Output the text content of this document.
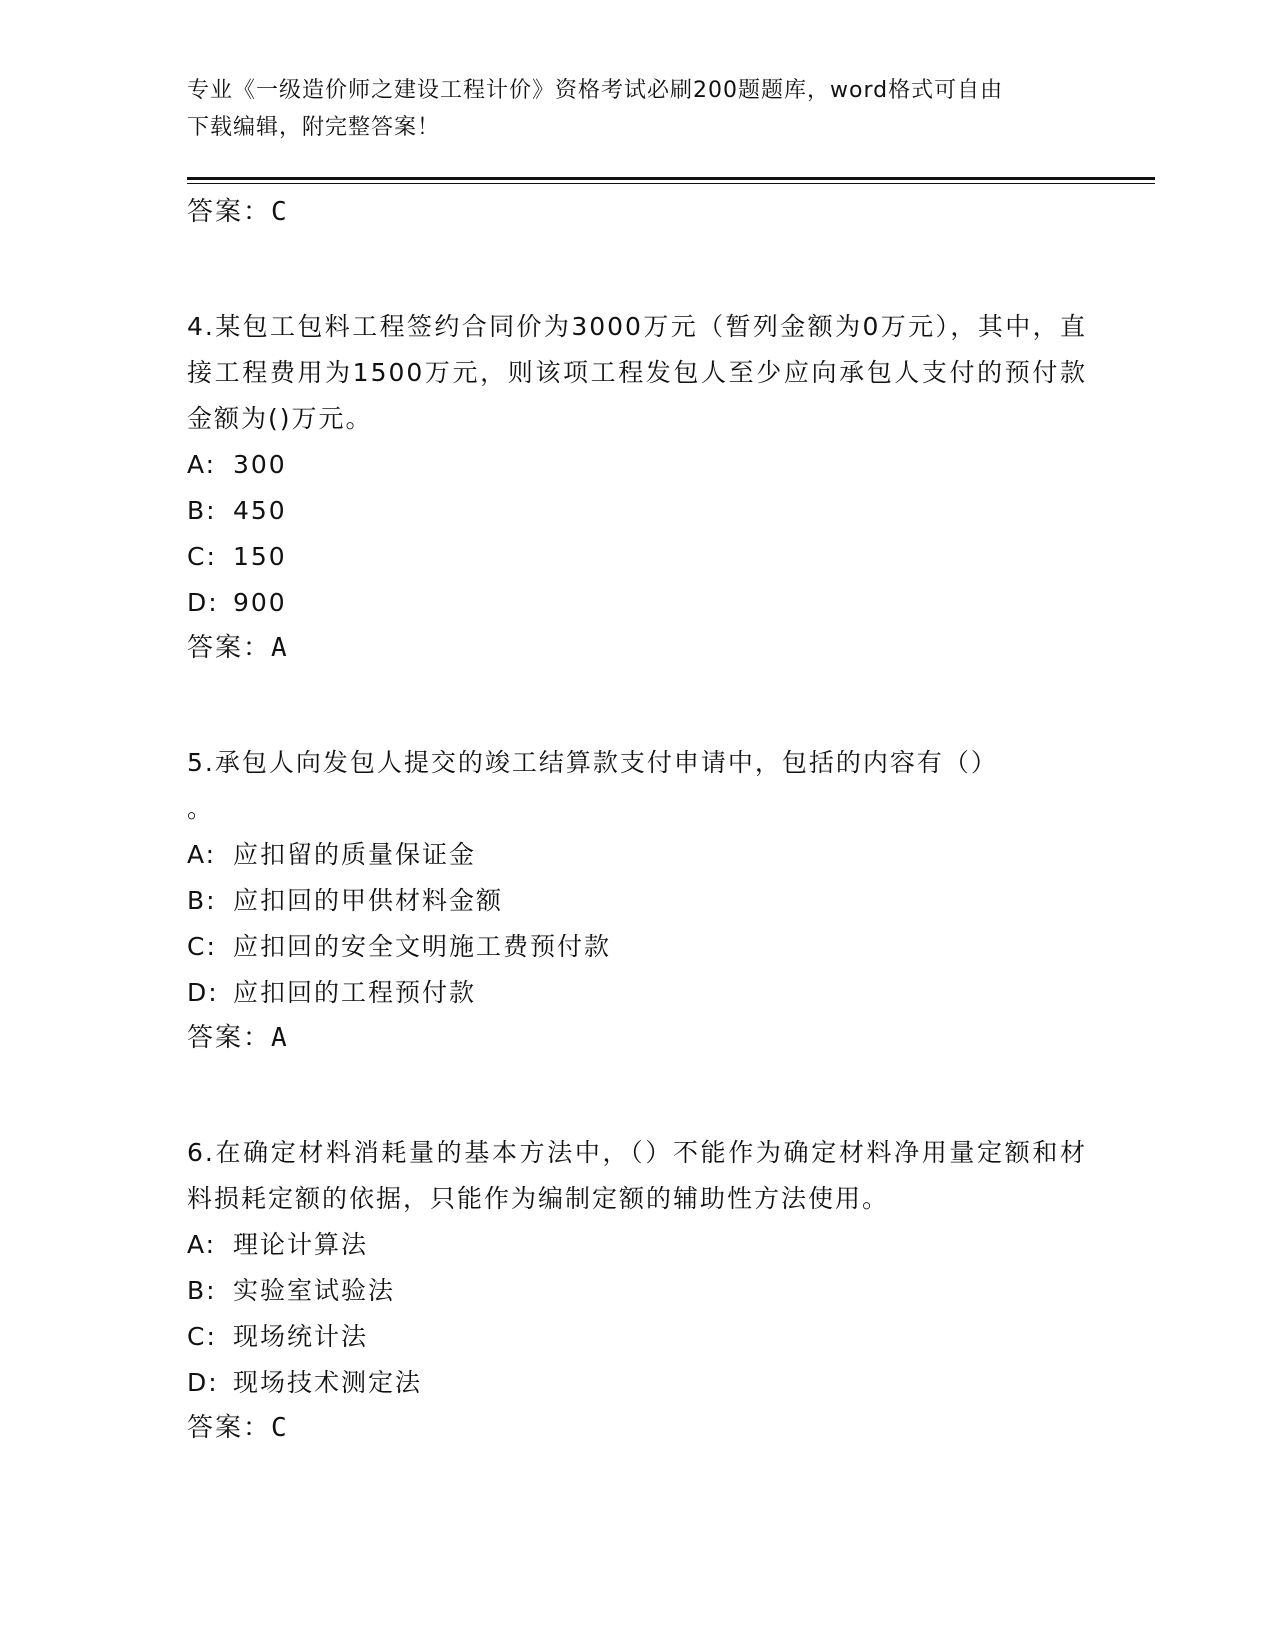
专业《一级造价师之建设工程计价》资格考试必刷200题题库，word格式可自由
下载编辑，附完整答案！
答案：C
4.某包工包料工程签约合同价为3000万元（暂列金额为0万元），其中，直接工程费用为1500万元，则该项工程发包人至少应向承包人支付的预付款金额为()万元。
A: 300
B: 450
C: 150
D: 900
答案：A
5.承包人向发包人提交的竣工结算款支付申请中，包括的内容有（）
。
A: 应扣留的质量保证金
B: 应扣回的甲供材料金额
C: 应扣回的安全文明施工费预付款
D: 应扣回的工程预付款
答案：A
6.在确定材料消耗量的基本方法中，（）不能作为确定材料净用量定额和材料损耗定额的依据，只能作为编制定额的辅助性方法使用。
A: 理论计算法
B: 实验室试验法
C: 现场统计法
D: 现场技术测定法
答案：C
